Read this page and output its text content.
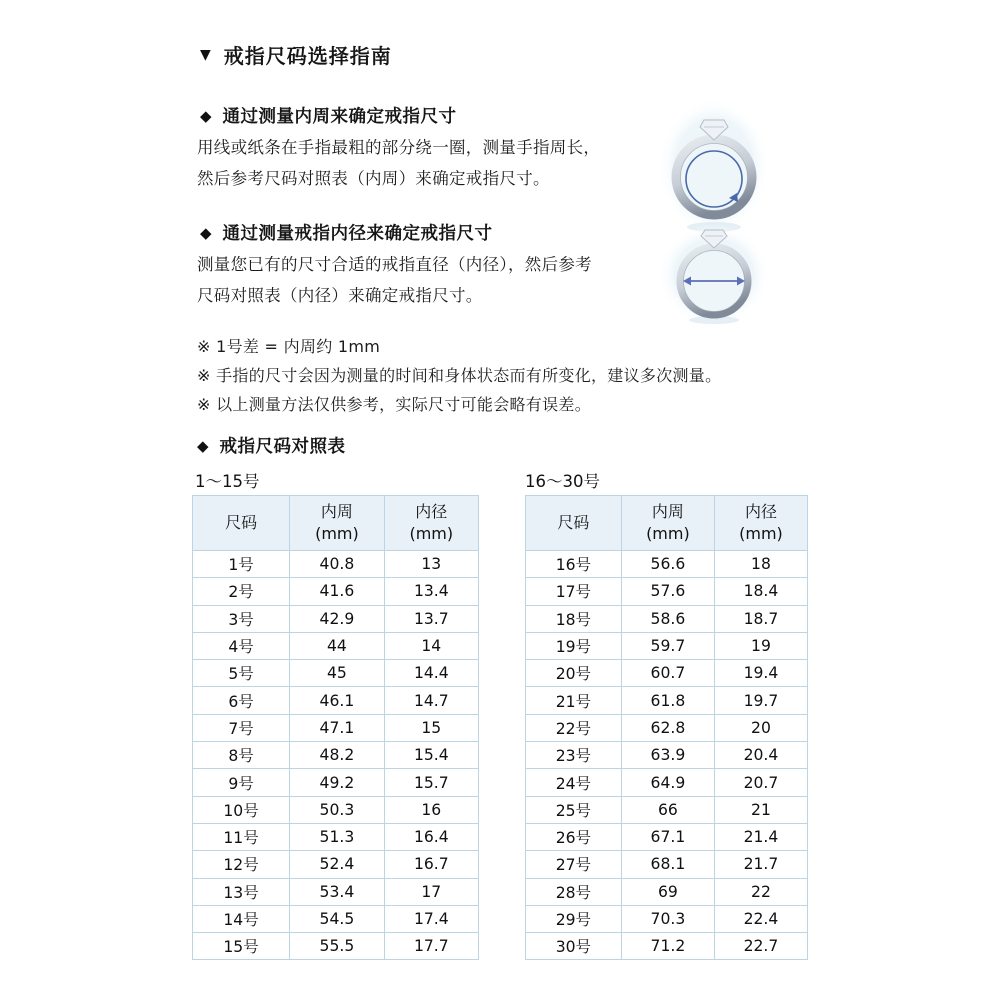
▼ 戒指尺码选择指南
◆ 通过测量内周来确定戒指尺寸
用线或纸条在手指最粗的部分绕一圈，测量手指周长，
然后参考尺码对照表（内周）来确定戒指尺寸。
◆ 通过测量戒指内径来确定戒指尺寸
测量您已有的尺寸合适的戒指直径（内径），然后参考
尺码对照表（内径）来确定戒指尺寸。
※ 1号差 = 内周约 1mm
※ 手指的尺寸会因为测量的时间和身体状态而有所变化，建议多次测量。
※ 以上测量方法仅供参考，实际尺寸可能会略有误差。
◆ 戒指尺码对照表
1～15号	16～30号
尺码

内周
(mm)

内径
(mm)

1号	40.8	13
2号	41.6	13.4
3号	42.9	13.7
4号	44	14
5号	45	14.4
6号	46.1	14.7
7号	47.1	15
8号	48.2	15.4
9号	49.2	15.7
10号	50.3	16
11号	51.3	16.4
12号	52.4	16.7
13号	53.4	17
14号	54.5	17.4
15号	55.5	17.7
尺码

内周
(mm)

内径
(mm)

16号	56.6	18
17号	57.6	18.4
18号	58.6	18.7
19号	59.7	19
20号	60.7	19.4
21号	61.8	19.7
22号	62.8	20
23号	63.9	20.4
24号	64.9	20.7
25号	66	21
26号	67.1	21.4
27号	68.1	21.7
28号	69	22
29号	70.3	22.4
30号	71.2	22.7
